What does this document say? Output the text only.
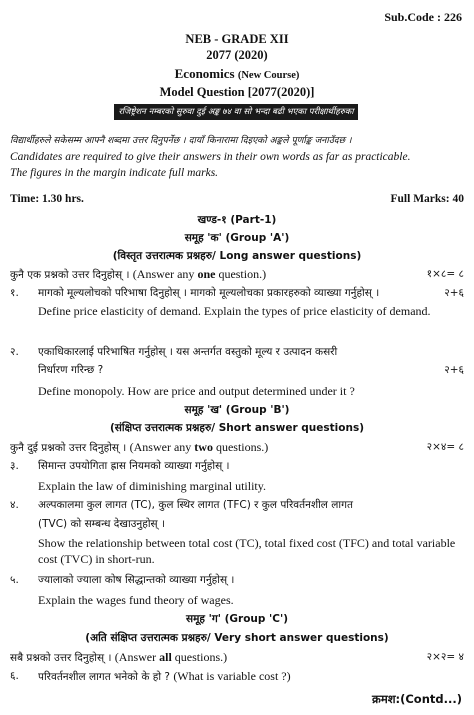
Sub.Code : 226
NEB - GRADE XII
2077 (2020)
Economics (New Course)
Model Question [2077(2020)]
रजिष्ट्रेशन नम्बरको सुरुवा दुई अङ्क ७४ वा सो भन्दा बढी भएका परीक्षार्थीहरुका लागि
विद्यार्थीहरुले सकेसम्म आफ्नै शब्दमा उत्तर दिनुपर्नेछ । दायाँ किनारामा दिइएको अङ्कले पूर्णाङ्क जनाउँदछ ।
Candidates are required to give their answers in their own words as far as practicable.
The figures in the margin indicate full marks.
Time: 1.30 hrs.	Full Marks: 40
खण्ड-१ (Part-1)
समूह 'क' (Group 'A')
(विस्तृत उत्तरात्मक प्रश्नहरु/ Long answer questions)
कुनै एक प्रश्नको उत्तर दिनुहोस् । (Answer any one question.)	१×८= ८
१. मागको मूल्यलोचको परिभाषा दिनुहोस् । मागको मूल्यलोचका प्रकारहरुको व्याख्या गर्नुहोस् ।	२+६
Define price elasticity of demand. Explain the types of price elasticity of demand.
२. एकाधिकारलाई परिभाषित गर्नुहोस् । यस अन्तर्गत वस्तुको मूल्य र उत्पादन कसरी
निर्धारण गरिन्छ ?	२+६
Define monopoly. How are price and output determined under it ?
समूह 'ख' (Group 'B')
(संक्षिप्त उत्तरात्मक प्रश्नहरु/ Short answer questions)
कुनै दुई प्रश्नको उत्तर दिनुहोस् । (Answer any two questions.)	२×४= ८
३. सिमान्त उपयोगिता ह्रास नियमको व्याख्या गर्नुहोस् ।
Explain the law of diminishing marginal utility.
४. अल्पकालमा कुल लागत (TC), कुल स्थिर लागत (TFC) र कुल परिवर्तनशील लागत
(TVC) को सम्बन्ध देखाउनुहोस् ।
Show the relationship between total cost (TC), total fixed cost (TFC) and total variable cost (TVC) in short-run.
५. ज्यालाको ज्याला कोष सिद्धान्तको व्याख्या गर्नुहोस् ।
Explain the wages fund theory of wages.
समूह 'ग' (Group 'C')
(अति संक्षिप्त उत्तरात्मक प्रश्नहरु/ Very short answer questions)
सबै प्रश्नको उत्तर दिनुहोस् । (Answer all questions.)	२×२= ४
६. परिवर्तनशील लागत भनेको के हो ? (What is variable cost ?)
क्रमश:(Contd...)
